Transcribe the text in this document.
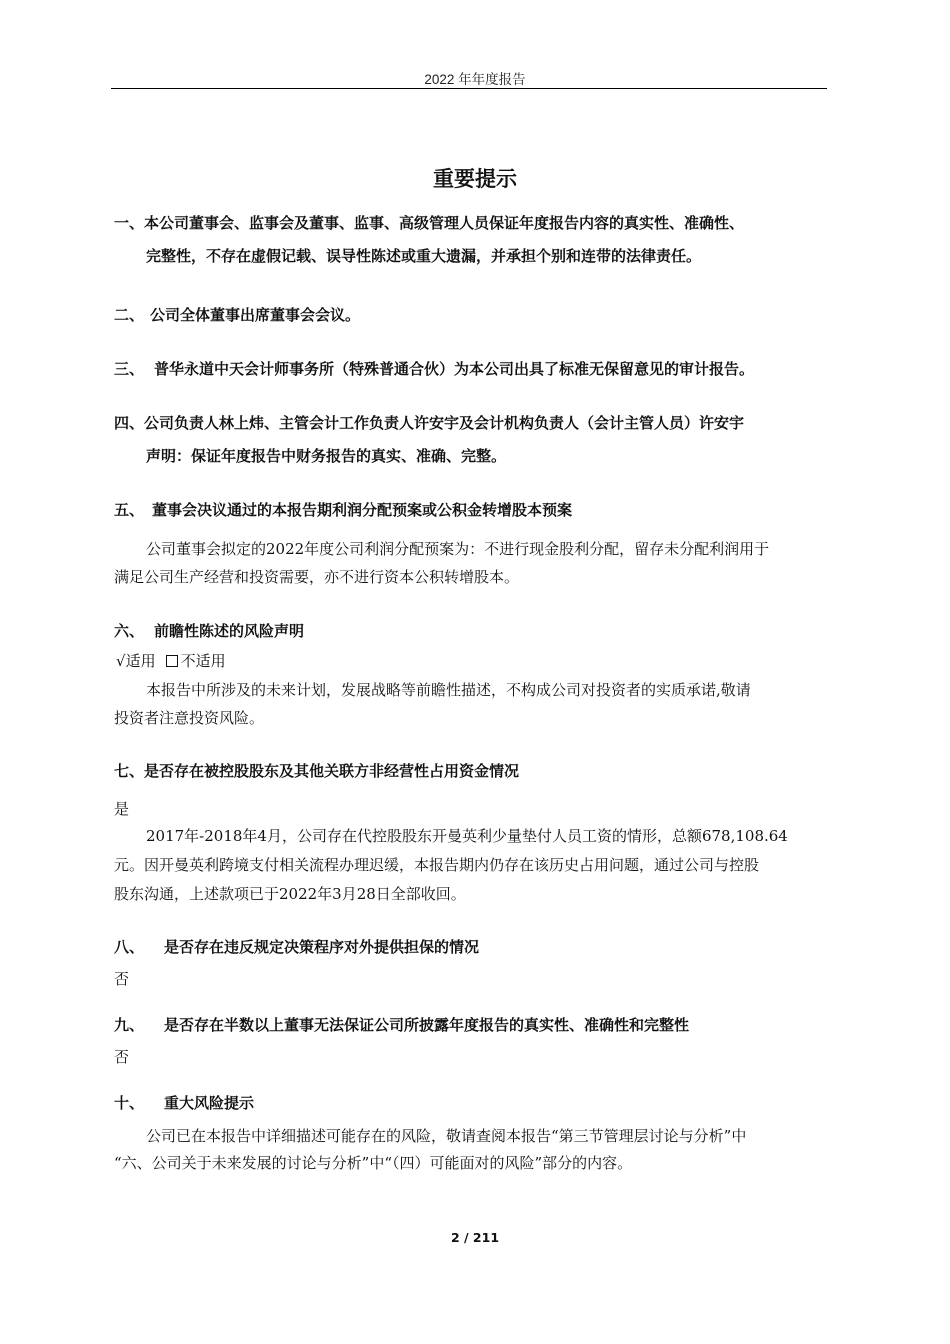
2022 年年度报告
重要提示
一、本公司董事会、监事会及董事、监事、高级管理人员保证年度报告内容的真实性、准确性、
完整性，不存在虚假记载、误导性陈述或重大遗漏，并承担个别和连带的法律责任。
二、 公司全体董事出席董事会会议。
三、 普华永道中天会计师事务所（特殊普通合伙）为本公司出具了标准无保留意见的审计报告。
四、公司负责人林上炜、主管会计工作负责人许安宇及会计机构负责人（会计主管人员）许安宇
声明：保证年度报告中财务报告的真实、准确、完整。
五、 董事会决议通过的本报告期利润分配预案或公积金转增股本预案
公司董事会拟定的2022年度公司利润分配预案为：不进行现金股利分配，留存未分配利润用于
满足公司生产经营和投资需要，亦不进行资本公积转增股本。
六、 前瞻性陈述的风险声明
√适用 不适用
本报告中所涉及的未来计划，发展战略等前瞻性描述，不构成公司对投资者的实质承诺,敬请
投资者注意投资风险。
七、是否存在被控股股东及其他关联方非经营性占用资金情况
是
2017年-2018年4月，公司存在代控股股东开曼英利少量垫付人员工资的情形，总额678,108.64
元。因开曼英利跨境支付相关流程办理迟缓，本报告期内仍存在该历史占用问题，通过公司与控股
股东沟通，上述款项已于2022年3月28日全部收回。
八、 是否存在违反规定决策程序对外提供担保的情况
否
九、 是否存在半数以上董事无法保证公司所披露年度报告的真实性、准确性和完整性
否
十、 重大风险提示
公司已在本报告中详细描述可能存在的风险，敬请查阅本报告“第三节管理层讨论与分析”中
“六、公司关于未来发展的讨论与分析”中“（四）可能面对的风险”部分的内容。
2 / 211
